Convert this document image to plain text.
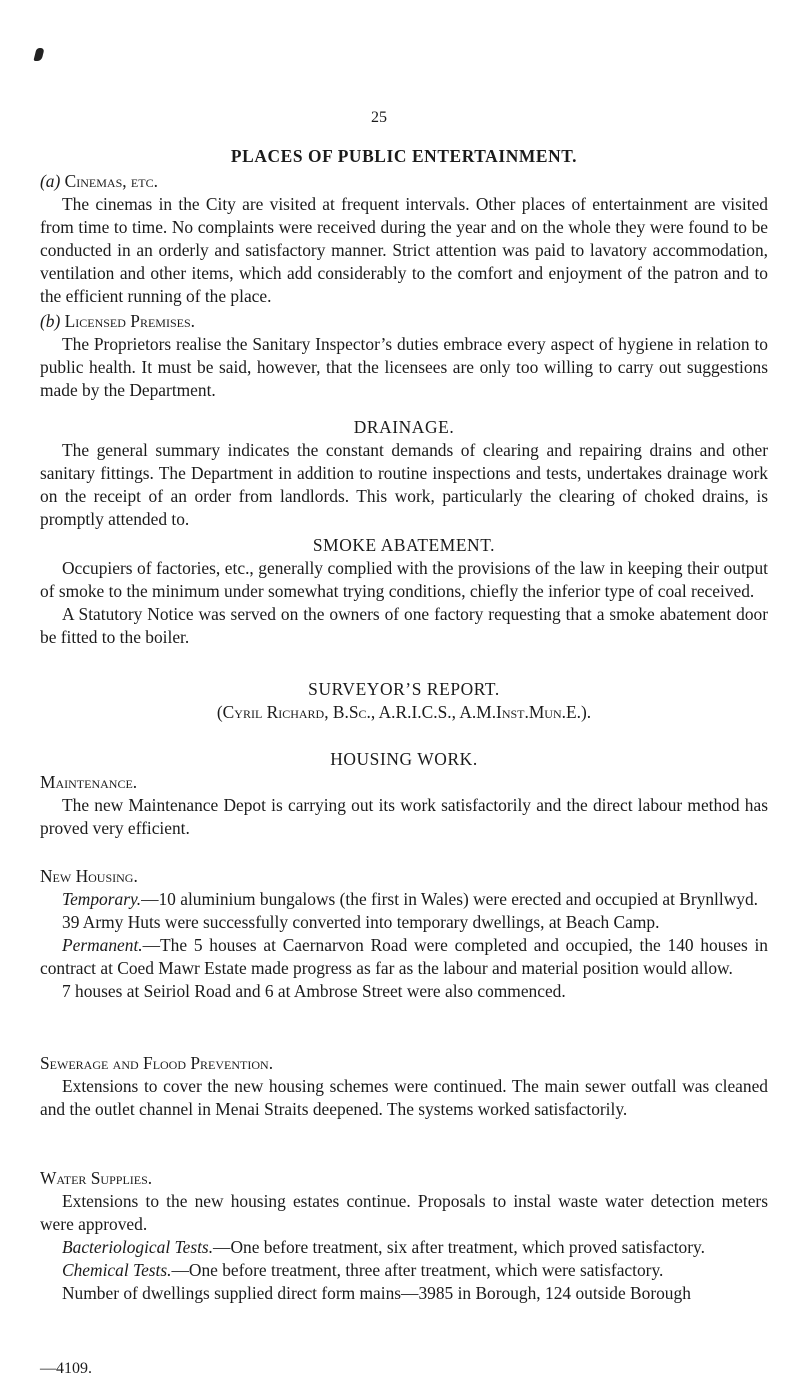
25
PLACES OF PUBLIC ENTERTAINMENT.

(a) Cinemas, etc.

The cinemas in the City are visited at frequent intervals. Other places of entertainment are visited from time to time. No complaints were received during the year and on the whole they were found to be conducted in an orderly and satisfactory manner. Strict attention was paid to lavatory accommodation, ventilation and other items, which add considerably to the comfort and enjoyment of the patron and to the efficient running of the place.

(b) Licensed Premises.

The Proprietors realise the Sanitary Inspector’s duties embrace every aspect of hygiene in relation to public health. It must be said, however, that the licensees are only too willing to carry out suggestions made by the Department.

DRAINAGE.

The general summary indicates the constant demands of clearing and repairing drains and other sanitary fittings. The Department in addition to routine inspections and tests, undertakes drainage work on the receipt of an order from landlords. This work, particularly the clearing of choked drains, is promptly attended to.

SMOKE ABATEMENT.

Occupiers of factories, etc., generally complied with the provisions of the law in keeping their output of smoke to the minimum under somewhat trying conditions, chiefly the inferior type of coal received.

A Statutory Notice was served on the owners of one factory requesting that a smoke abatement door be fitted to the boiler.

SURVEYOR’S REPORT.

(Cyril Richard, B.Sc., A.R.I.C.S., A.M.Inst.Mun.E.).

HOUSING WORK.

Maintenance.

The new Maintenance Depot is carrying out its work satisfactorily and the direct labour method has proved very efficient.

New Housing.

Temporary.—10 aluminium bungalows (the first in Wales) were erected and occupied at Brynllwyd.

39 Army Huts were successfully converted into temporary dwellings, at Beach Camp.

Permanent.—The 5 houses at Caernarvon Road were completed and occupied, the 140 houses in contract at Coed Mawr Estate made progress as far as the labour and material position would allow.

7 houses at Seiriol Road and 6 at Ambrose Street were also commenced.

Sewerage and Flood Prevention.

Extensions to cover the new housing schemes were continued. The main sewer outfall was cleaned and the outlet channel in Menai Straits deepened. The systems worked satisfactorily.

Water Supplies.

Extensions to the new housing estates continue. Proposals to instal waste water detection meters were approved.

Bacteriological Tests.—One before treatment, six after treatment, which proved satisfactory.

Chemical Tests.—One before treatment, three after treatment, which were satisfactory.

Number of dwellings supplied direct form mains—3985 in Borough, 124 outside Borough

—4109.
